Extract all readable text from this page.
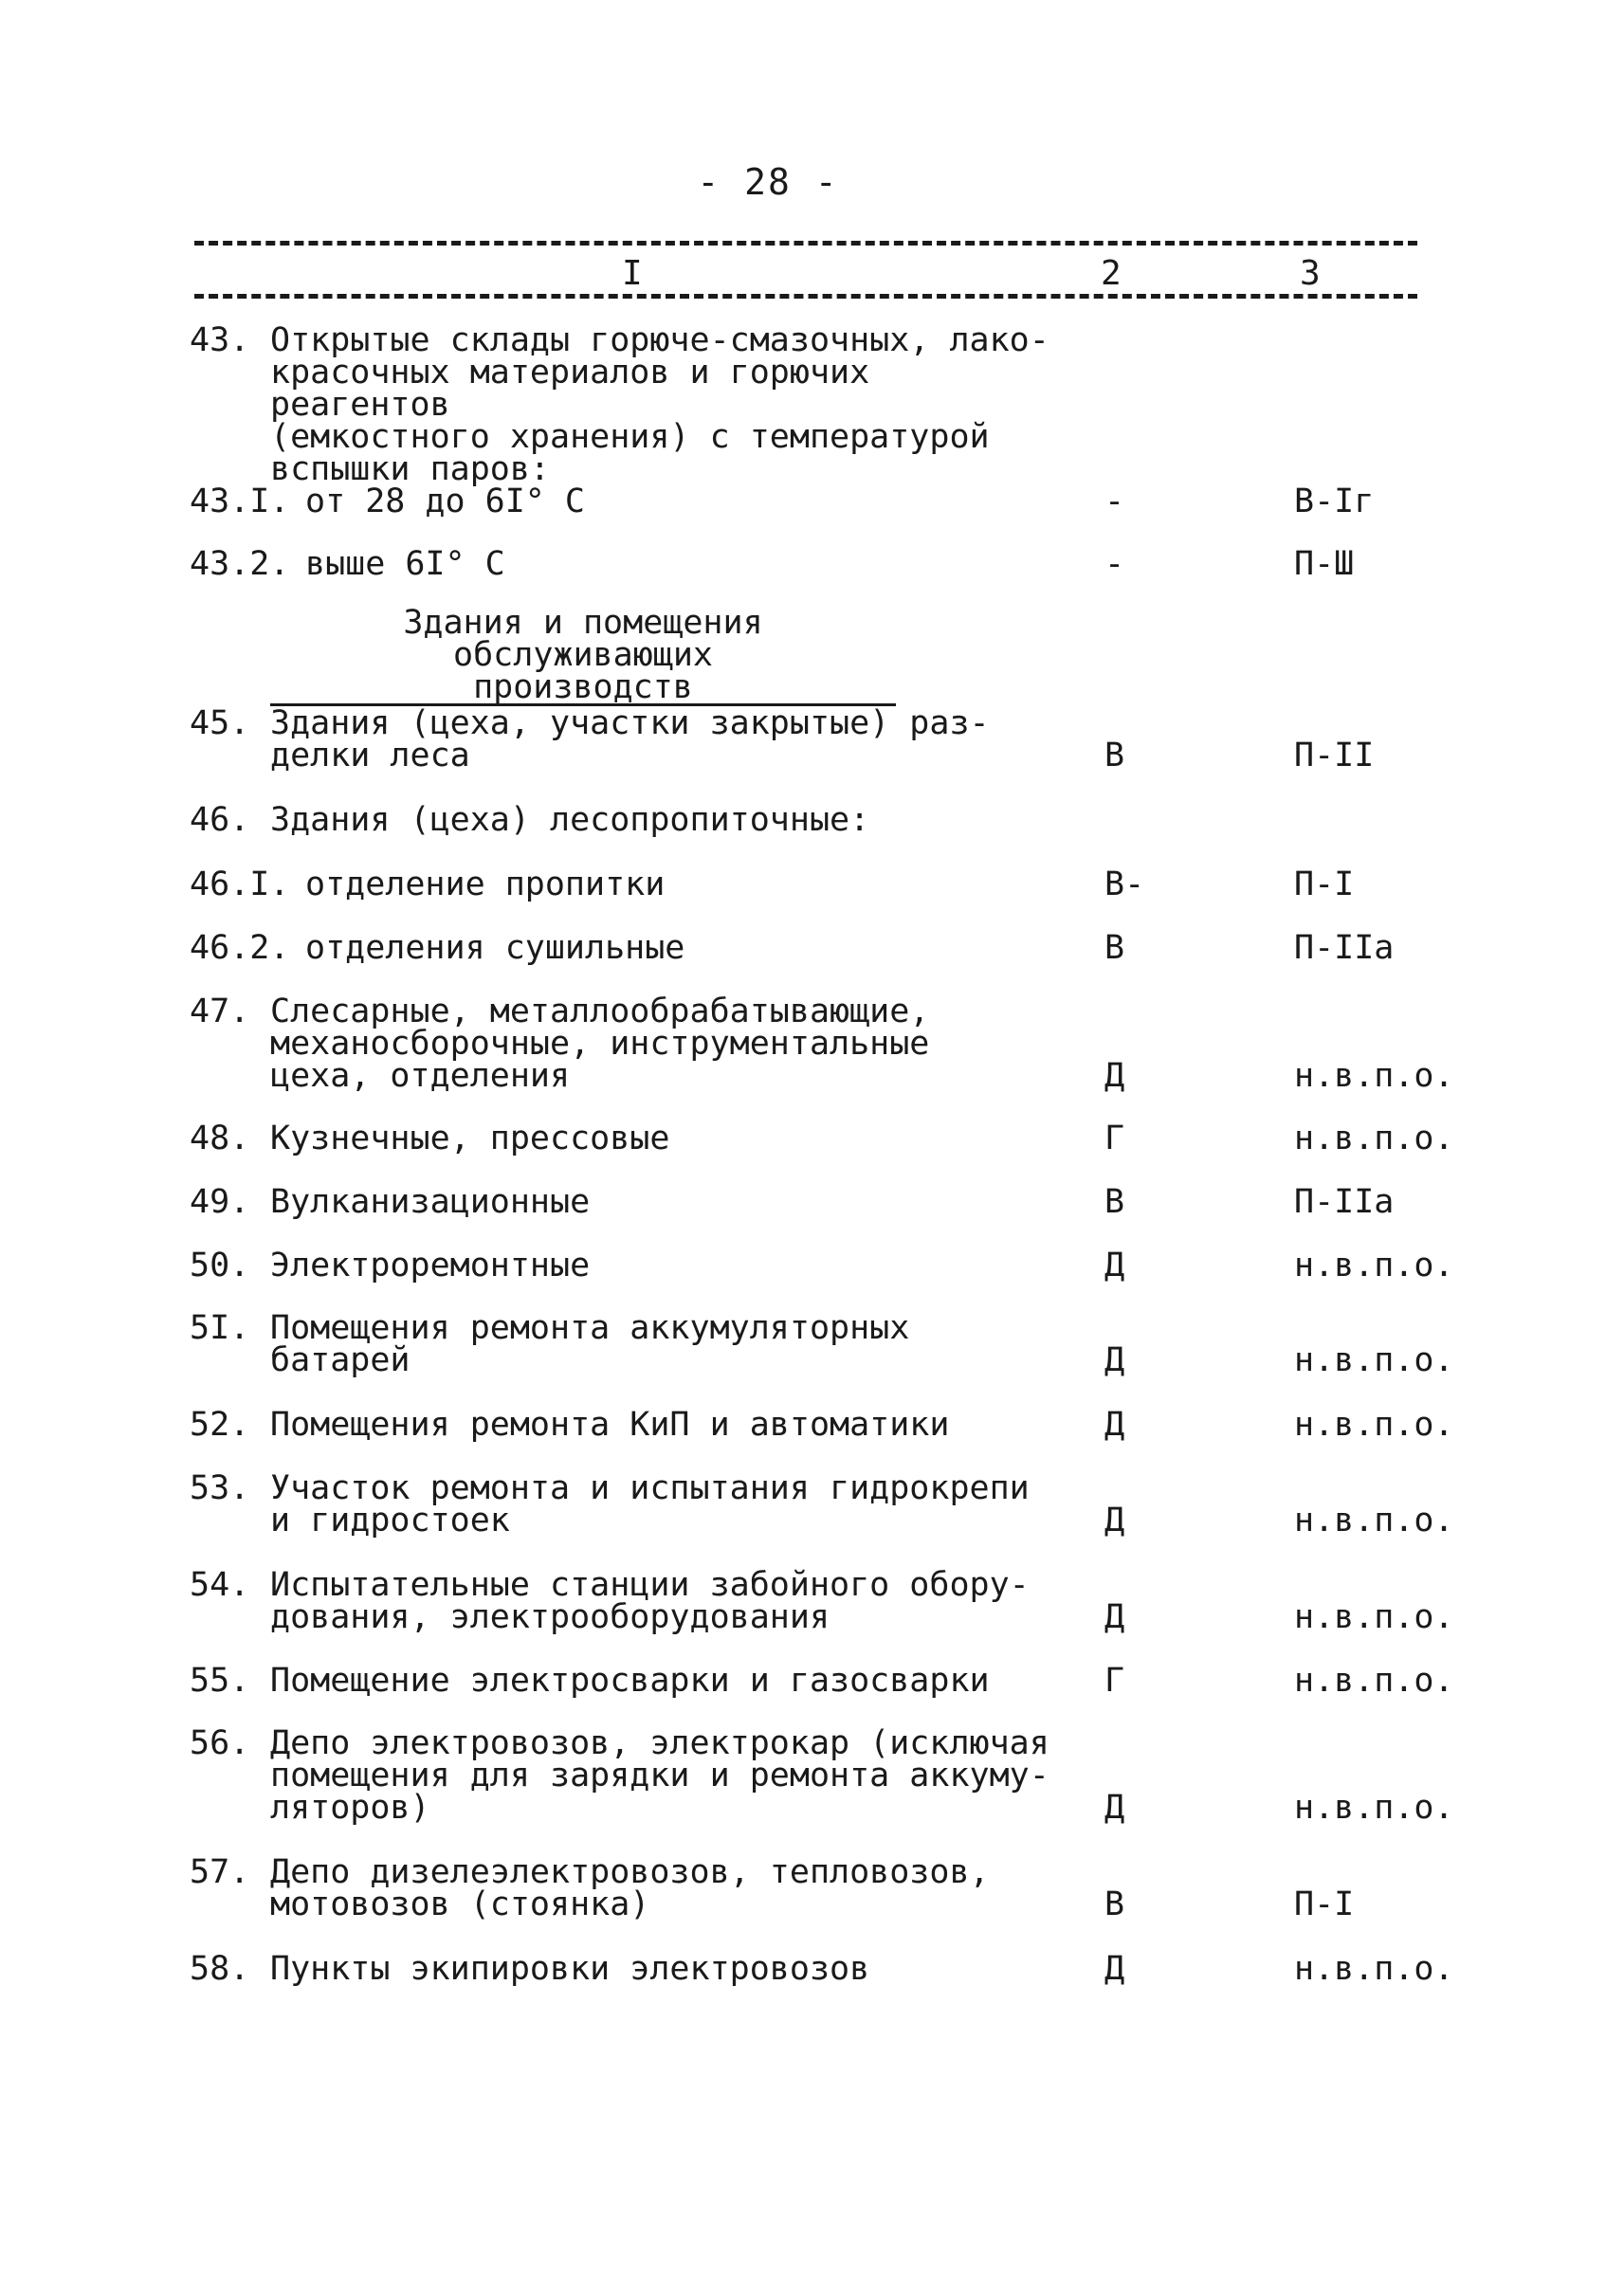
- 28 -
I	2	3
43. Открытые склады горюче-смазочных, лако-
красочных материалов и горючих реагентов
(емкостного хранения) с температурой
вспышки паров:
43.I. от 28 до 6I° С	-	В-Iг
43.2. выше 6I° С	-	П-Ш
Здания и помещения обслуживающих
производств
45. Здания (цеха, участки закрытые) раз-
делки леса	В	П-II
46. Здания (цеха) лесопропиточные:
46.I. отделение пропитки	В-	П-I
46.2. отделения сушильные	В	П-IIа
47. Слесарные, металлообрабатывающие,
механосборочные, инструментальные
цеха, отделения	Д	н.в.п.о.
48. Кузнечные, прессовые	Г	н.в.п.о.
49. Вулканизационные	В	П-IIа
50. Электроремонтные	Д	н.в.п.о.
5I. Помещения ремонта аккумуляторных
батарей	Д	н.в.п.о.
52. Помещения ремонта КиП и автоматики	Д	н.в.п.о.
53. Участок ремонта и испытания гидрокрепи
и гидростоек	Д	н.в.п.о.
54. Испытательные станции забойного обору-
дования, электрооборудования	Д	н.в.п.о.
55. Помещение электросварки и газосварки	Г	н.в.п.о.
56. Депо электровозов, электрокар (исключая
помещения для зарядки и ремонта аккуму-
ляторов)	Д	н.в.п.о.
57. Депо дизелеэлектровозов, тепловозов,
мотовозов (стоянка)	В	П-I
58. Пункты экипировки электровозов	Д	н.в.п.о.
